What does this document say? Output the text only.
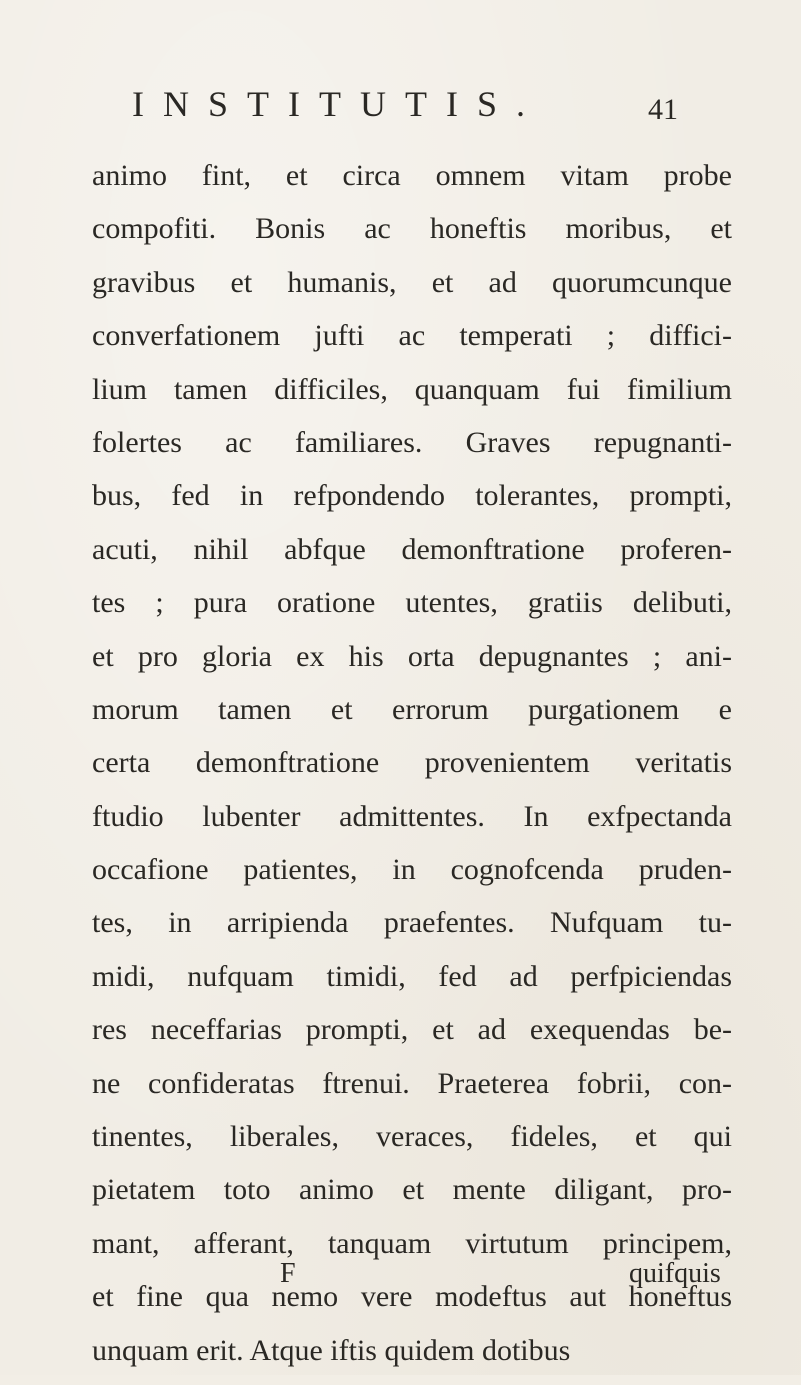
INSTITUTIS.	41
animo fint, et circa omnem vitam probe
compofiti. Bonis ac honeftis moribus, et
gravibus et humanis, et ad quorumcunque
converfationem jufti ac temperati ; diffici-
lium tamen difficiles, quanquam fui fimilium
folertes ac familiares. Graves repugnanti-
bus, fed in refpondendo tolerantes, prompti,
acuti, nihil abfque demonftratione proferen-
tes ; pura oratione utentes, gratiis delibuti,
et pro gloria ex his orta depugnantes ; ani-
morum tamen et errorum purgationem e
certa demonftratione provenientem veritatis
ftudio lubenter admittentes. In exfpectanda
occafione patientes, in cognofcenda pruden-
tes, in arripienda praefentes. Nufquam tu-
midi, nufquam timidi, fed ad perfpiciendas
res neceffarias prompti, et ad exequendas be-
ne confideratas ftrenui. Praeterea fobrii, con-
tinentes, liberales, veraces, fideles, et qui
pietatem toto animo et mente diligant, pro-
mant, afferant, tanquam virtutum principem,
et fine qua nemo vere modeftus aut honeftus
unquam erit. Atque iftis quidem dotibus
F	quifquis
